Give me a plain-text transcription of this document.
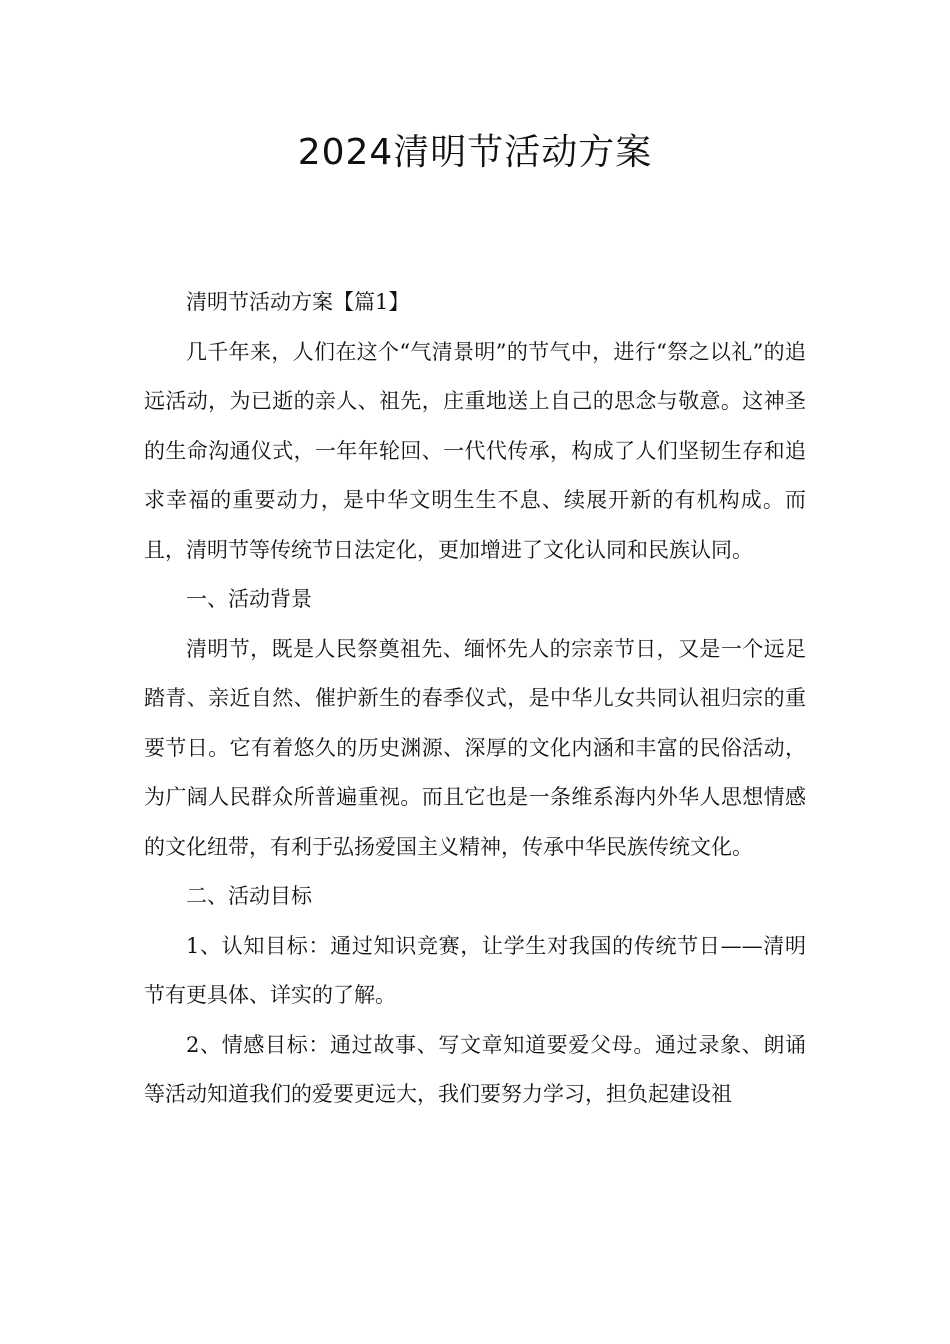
2024清明节活动方案

清明节活动方案【篇1】

几千年来，人们在这个“气清景明”的节气中，进行“祭之以礼”的追远活动，为已逝的亲人、祖先，庄重地送上自己的思念与敬意。这神圣的生命沟通仪式，一年年轮回、一代代传承，构成了人们坚韧生存和追求幸福的重要动力，是中华文明生生不息、续展开新的有机构成。而且，清明节等传统节日法定化，更加增进了文化认同和民族认同。

一、活动背景

清明节，既是人民祭奠祖先、缅怀先人的宗亲节日，又是一个远足踏青、亲近自然、催护新生的春季仪式，是中华儿女共同认祖归宗的重要节日。它有着悠久的历史渊源、深厚的文化内涵和丰富的民俗活动，为广阔人民群众所普遍重视。而且它也是一条维系海内外华人思想情感的文化纽带，有利于弘扬爱国主义精神，传承中华民族传统文化。

二、活动目标

1、认知目标：通过知识竞赛，让学生对我国的传统节日——清明节有更具体、详实的了解。

2、情感目标：通过故事、写文章知道要爱父母。通过录象、朗诵等活动知道我们的爱要更远大，我们要努力学习，担负起建设祖
